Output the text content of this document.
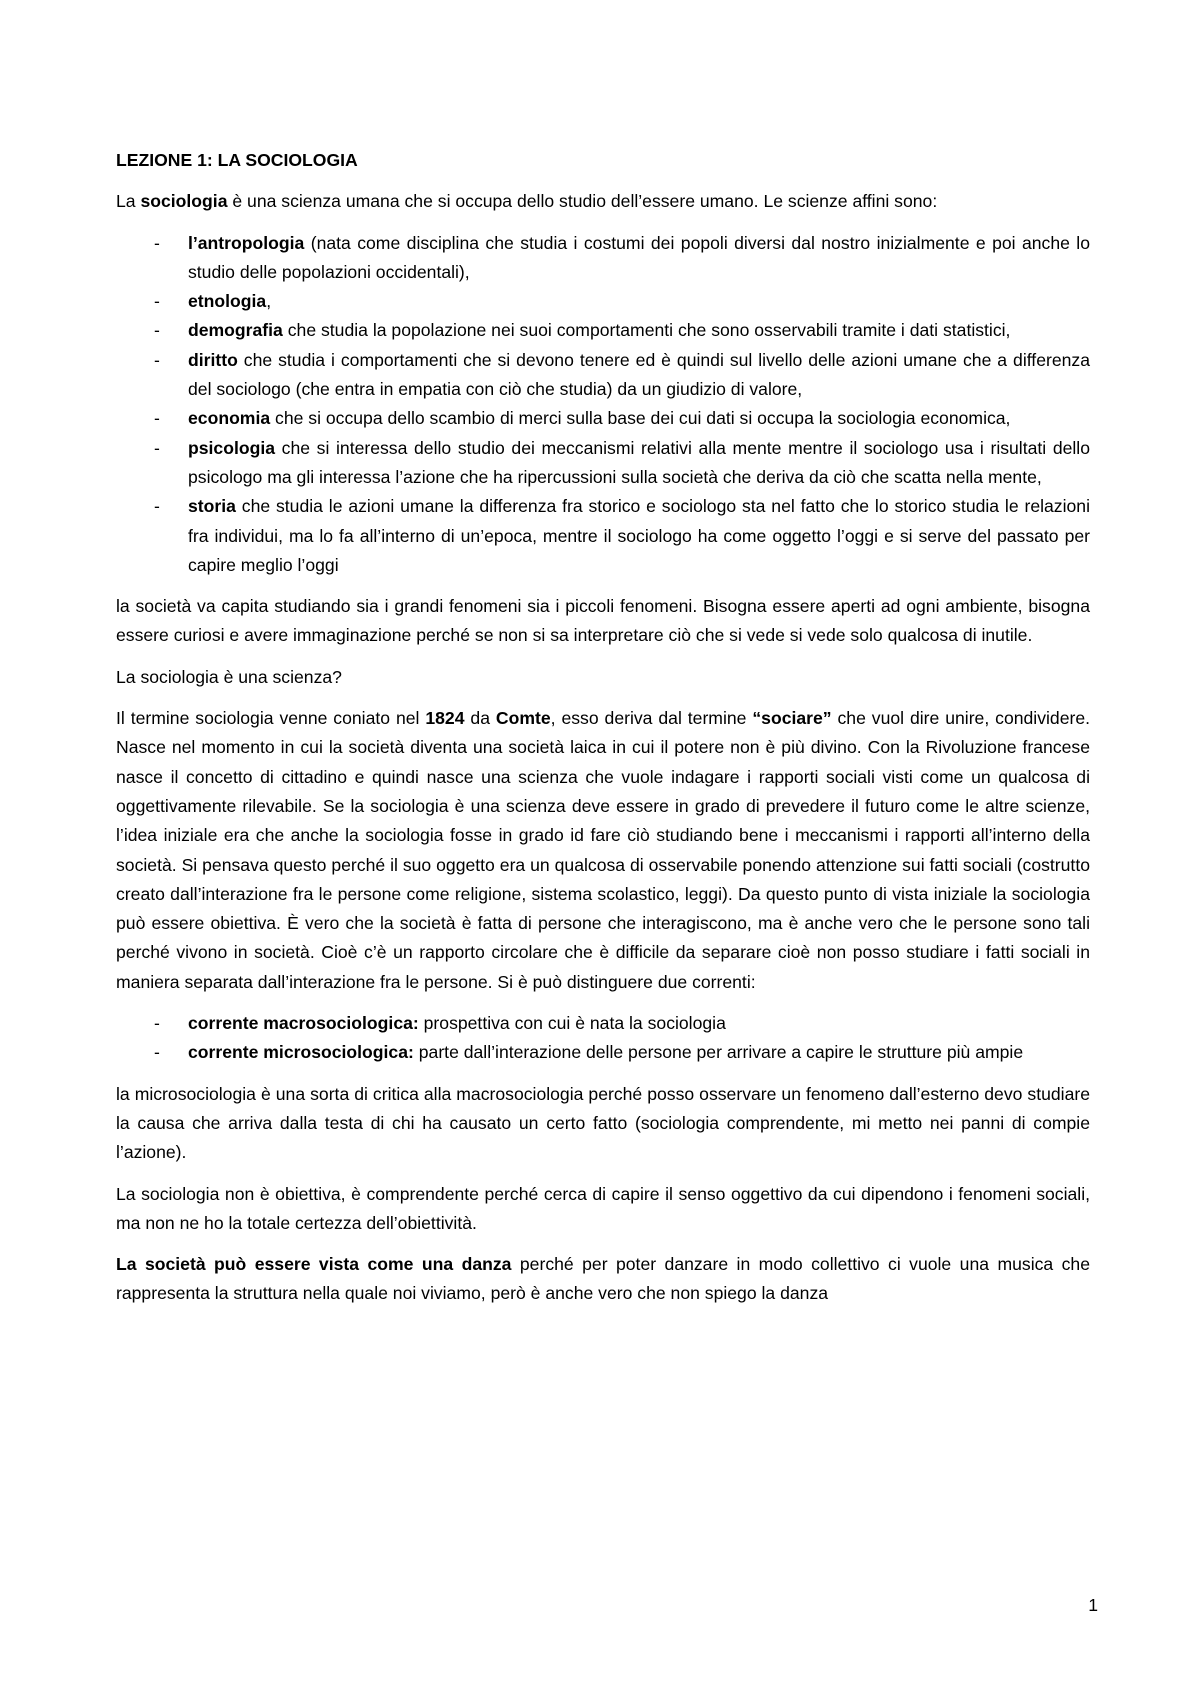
LEZIONE 1: LA SOCIOLOGIA

La sociologia è una scienza umana che si occupa dello studio dell’essere umano. Le scienze affini sono:

- l’antropologia (nata come disciplina che studia i costumi dei popoli diversi dal nostro inizialmente e poi anche lo studio delle popolazioni occidentali),
- etnologia,
- demografia che studia la popolazione nei suoi comportamenti che sono osservabili tramite i dati statistici,
- diritto che studia i comportamenti che si devono tenere ed è quindi sul livello delle azioni umane che a differenza del sociologo (che entra in empatia con ciò che studia) da un giudizio di valore,
- economia che si occupa dello scambio di merci sulla base dei cui dati si occupa la sociologia economica,
- psicologia che si interessa dello studio dei meccanismi relativi alla mente mentre il sociologo usa i risultati dello psicologo ma gli interessa l’azione che ha ripercussioni sulla società che deriva da ciò che scatta nella mente,
- storia che studia le azioni umane la differenza fra storico e sociologo sta nel fatto che lo storico studia le relazioni fra individui, ma lo fa all’interno di un’epoca, mentre il sociologo ha come oggetto l’oggi e si serve del passato per capire meglio l’oggi

la società va capita studiando sia i grandi fenomeni sia i piccoli fenomeni. Bisogna essere aperti ad ogni ambiente, bisogna essere curiosi e avere immaginazione perché se non si sa interpretare ciò che si vede si vede solo qualcosa di inutile.

La sociologia è una scienza?

Il termine sociologia venne coniato nel 1824 da Comte, esso deriva dal termine “sociare” che vuol dire unire, condividere. Nasce nel momento in cui la società diventa una società laica in cui il potere non è più divino. Con la Rivoluzione francese nasce il concetto di cittadino e quindi nasce una scienza che vuole indagare i rapporti sociali visti come un qualcosa di oggettivamente rilevabile. Se la sociologia è una scienza deve essere in grado di prevedere il futuro come le altre scienze, l’idea iniziale era che anche la sociologia fosse in grado id fare ciò studiando bene i meccanismi i rapporti all’interno della società. Si pensava questo perché il suo oggetto era un qualcosa di osservabile ponendo attenzione sui fatti sociali (costrutto creato dall’interazione fra le persone come religione, sistema scolastico, leggi). Da questo punto di vista iniziale la sociologia può essere obiettiva. È vero che la società è fatta di persone che interagiscono, ma è anche vero che le persone sono tali perché vivono in società. Cioè c’è un rapporto circolare che è difficile da separare cioè non posso studiare i fatti sociali in maniera separata dall’interazione fra le persone. Si è può distinguere due correnti:

- corrente macrosociologica: prospettiva con cui è nata la sociologia
- corrente microsociologica: parte dall’interazione delle persone per arrivare a capire le strutture più ampie

la microsociologia è una sorta di critica alla macrosociologia perché posso osservare un fenomeno dall’esterno devo studiare la causa che arriva dalla testa di chi ha causato un certo fatto (sociologia comprendente, mi metto nei panni di compie l’azione).

La sociologia non è obiettiva, è comprendente perché cerca di capire il senso oggettivo da cui dipendono i fenomeni sociali, ma non ne ho la totale certezza dell’obiettività.

La società può essere vista come una danza perché per poter danzare in modo collettivo ci vuole una musica che rappresenta la struttura nella quale noi viviamo, però è anche vero che non spiego la danza

1
